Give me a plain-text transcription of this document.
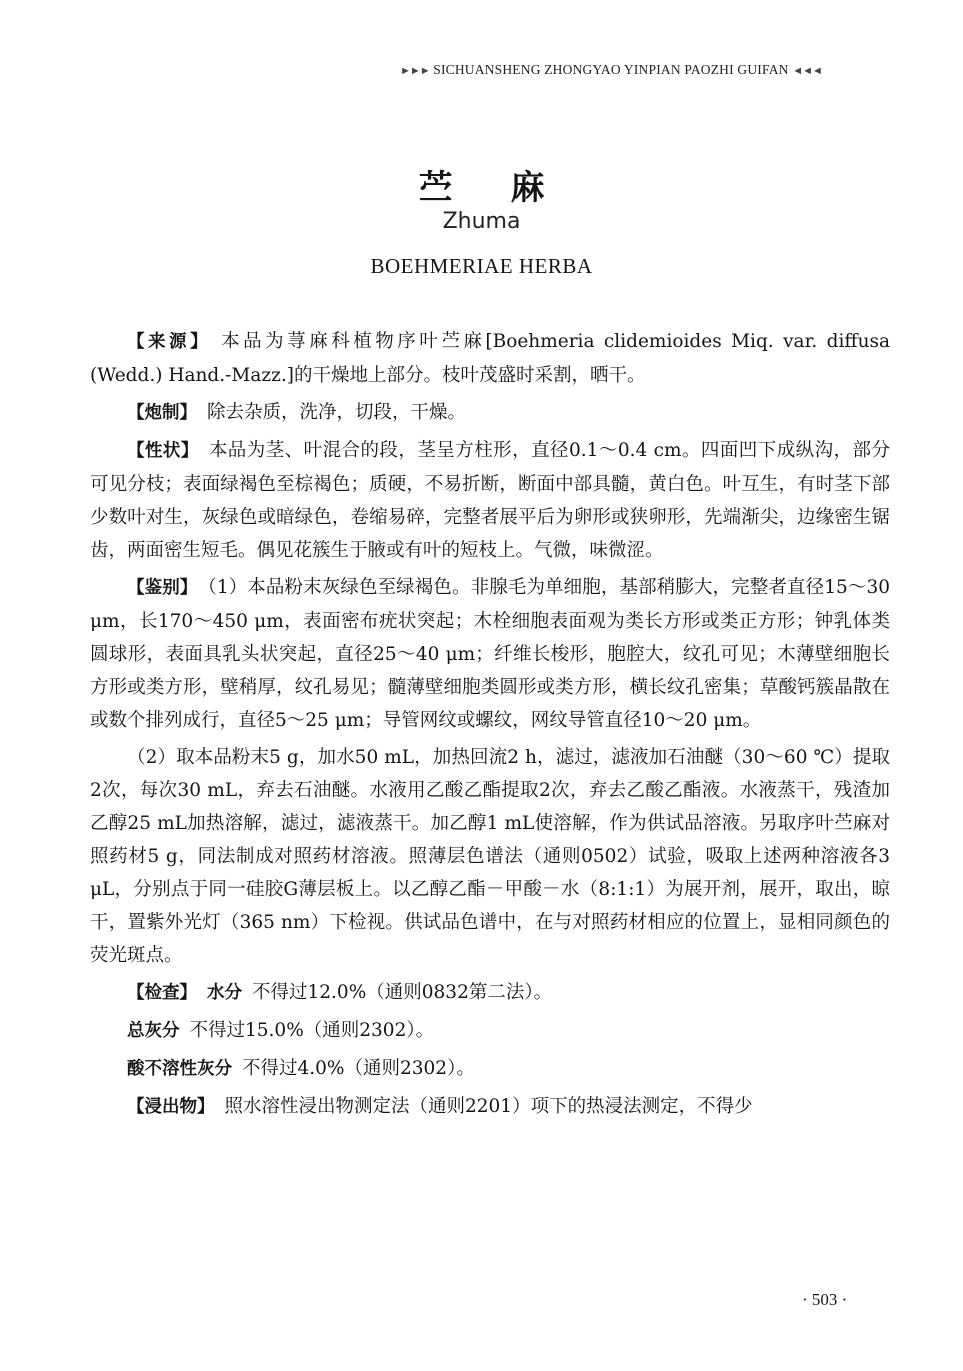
►►► SICHUANSHENG ZHONGYAO YINPIAN PAOZHI GUIFAN ◄◄◄
苎麻
Zhuma
BOEHMERIAE HERBA

【来源】 本品为荨麻科植物序叶苎麻[Boehmeria clidemioides Miq. var. diffusa (Wedd.) Hand.-Mazz.]的干燥地上部分。枝叶茂盛时采割，晒干。

【炮制】 除去杂质，洗净，切段，干燥。

【性状】 本品为茎、叶混合的段，茎呈方柱形，直径0.1～0.4 cm。四面凹下成纵沟，部分可见分枝；表面绿褐色至棕褐色；质硬，不易折断，断面中部具髓，黄白色。叶互生，有时茎下部少数叶对生，灰绿色或暗绿色，卷缩易碎，完整者展平后为卵形或狭卵形，先端渐尖，边缘密生锯齿，两面密生短毛。偶见花簇生于腋或有叶的短枝上。气微，味微涩。

【鉴别】 （1）本品粉末灰绿色至绿褐色。非腺毛为单细胞，基部稍膨大，完整者直径15～30 μm，长170～450 μm，表面密布疣状突起；木栓细胞表面观为类长方形或类正方形；钟乳体类圆球形，表面具乳头状突起，直径25～40 μm；纤维长梭形，胞腔大，纹孔可见；木薄壁细胞长方形或类方形，壁稍厚，纹孔易见；髓薄壁细胞类圆形或类方形，横长纹孔密集；草酸钙簇晶散在或数个排列成行，直径5～25 μm；导管网纹或螺纹，网纹导管直径10～20 μm。

（2）取本品粉末5 g，加水50 mL，加热回流2 h，滤过，滤液加石油醚（30～60 ℃）提取2次，每次30 mL，弃去石油醚。水液用乙酸乙酯提取2次，弃去乙酸乙酯液。水液蒸干，残渣加乙醇25 mL加热溶解，滤过，滤液蒸干。加乙醇1 mL使溶解，作为供试品溶液。另取序叶苎麻对照药材5 g，同法制成对照药材溶液。照薄层色谱法（通则0502）试验，吸取上述两种溶液各3 μL，分别点于同一硅胶G薄层板上。以乙醇乙酯－甲酸－水（8:1:1）为展开剂，展开，取出，晾干，置紫外光灯（365 nm）下检视。供试品色谱中，在与对照药材相应的位置上，显相同颜色的荧光斑点。

【检查】 水分 不得过12.0%（通则0832第二法）。

总灰分 不得过15.0%（通则2302）。

酸不溶性灰分 不得过4.0%（通则2302）。

【浸出物】 照水溶性浸出物测定法（通则2201）项下的热浸法测定，不得少

· 503 ·
